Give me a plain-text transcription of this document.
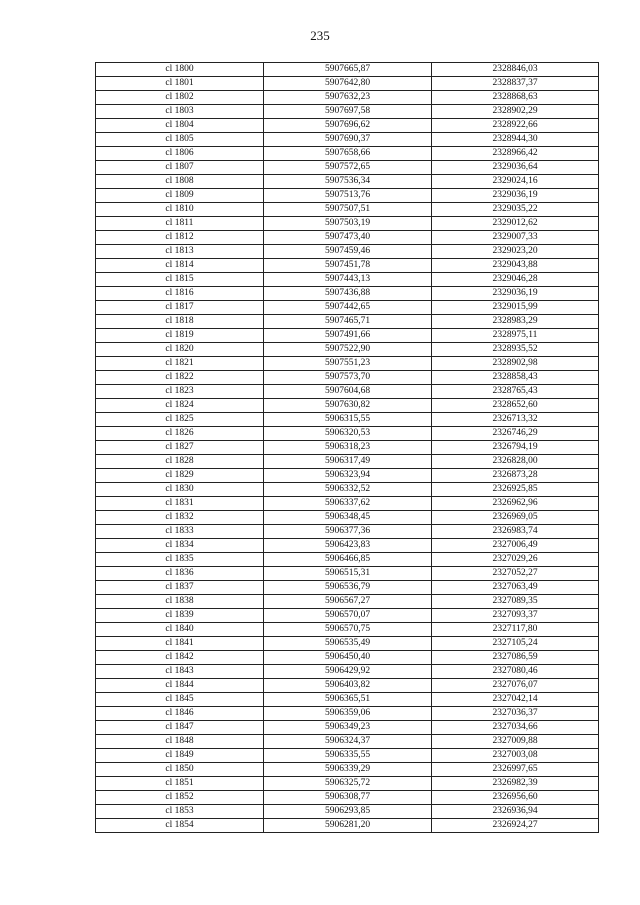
235
cl 1800	5907665,87	2328846,03
cl 1801	5907642,80	2328837,37
cl 1802	5907632,23	2328868,63
cl 1803	5907697,58	2328902,29
cl 1804	5907696,62	2328922,66
cl 1805	5907690,37	2328944,30
cl 1806	5907658,66	2328966,42
cl 1807	5907572,65	2329036,64
cl 1808	5907536,34	2329024,16
cl 1809	5907513,76	2329036,19
cl 1810	5907507,51	2329035,22
cl 1811	5907503,19	2329012,62
cl 1812	5907473,40	2329007,33
cl 1813	5907459,46	2329023,20
cl 1814	5907451,78	2329043,88
cl 1815	5907443,13	2329046,28
cl 1816	5907436,88	2329036,19
cl 1817	5907442,65	2329015,99
cl 1818	5907465,71	2328983,29
cl 1819	5907491,66	2328975,11
cl 1820	5907522,90	2328935,52
cl 1821	5907551,23	2328902,98
cl 1822	5907573,70	2328858,43
cl 1823	5907604,68	2328765,43
cl 1824	5907630,82	2328652,60
cl 1825	5906315,55	2326713,32
cl 1826	5906320,53	2326746,29
cl 1827	5906318,23	2326794,19
cl 1828	5906317,49	2326828,00
cl 1829	5906323,94	2326873,28
cl 1830	5906332,52	2326925,85
cl 1831	5906337,62	2326962,96
cl 1832	5906348,45	2326969,05
cl 1833	5906377,36	2326983,74
cl 1834	5906423,83	2327006,49
cl 1835	5906466,85	2327029,26
cl 1836	5906515,31	2327052,27
cl 1837	5906536,79	2327063,49
cl 1838	5906567,27	2327089,35
cl 1839	5906570,07	2327093,37
cl 1840	5906570,75	2327117,80
cl 1841	5906535,49	2327105,24
cl 1842	5906450,40	2327086,59
cl 1843	5906429,92	2327080,46
cl 1844	5906403,82	2327076,07
cl 1845	5906365,51	2327042,14
cl 1846	5906359,06	2327036,37
cl 1847	5906349,23	2327034,66
cl 1848	5906324,37	2327009,88
cl 1849	5906335,55	2327003,08
cl 1850	5906339,29	2326997,65
cl 1851	5906325,72	2326982,39
cl 1852	5906308,77	2326956,60
cl 1853	5906293,85	2326936,94
cl 1854	5906281,20	2326924,27
